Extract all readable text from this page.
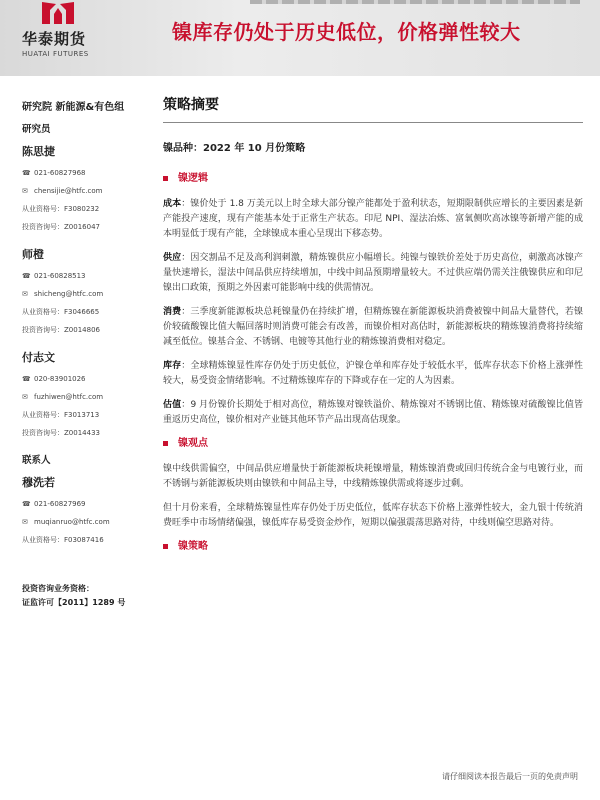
华泰期货
HUATAI FUTURES
镍库存仍处于历史低位，价格弹性较大
研究院 新能源&有色组
研究员
陈思捷
☎ 021-60827968
✉ chensijie@htfc.com
从业资格号：F3080232
投资咨询号：Z0016047
师橙
☎ 021-60828513
✉ shicheng@htfc.com
从业资格号：F3046665
投资咨询号：Z0014806
付志文
☎ 020-83901026
✉ fuzhiwen@htfc.com
从业资格号：F3013713
投资咨询号：Z0014433
联系人
穆洗若
☎ 021-60827969
✉ muqianruo@htfc.com
从业资格号：F03087416
投资咨询业务资格：
证监许可【2011】1289 号
策略摘要
镍品种：2022 年 10 月份策略
镍逻辑

成本：镍价处于 1.8 万美元以上时全球大部分镍产能都处于盈利状态，短期限制供应增长的主要因素是新产能投产速度，现有产能基本处于正常生产状态。印尼 NPI、湿法冶炼、富氧侧吹高冰镍等新增产能的成本明显低于现有产能，全球镍成本重心呈现出下移态势。

供应：因交割品不足及高利润刺激，精炼镍供应小幅增长。纯镍与镍铁价差处于历史高位，刺激高冰镍产量快速增长，湿法中间品供应持续增加，中线中间品预期增量较大。不过供应端仍需关注俄镍供应和印尼镍出口政策，预期之外因素可能影响中线的供需情况。

消费：三季度新能源板块总耗镍量仍在持续扩增，但精炼镍在新能源板块消费被镍中间品大量替代，若镍价较硫酸镍比值大幅回落时则消费可能会有改善，而镍价相对高估时，新能源板块的精炼镍消费将持续缩减至低位。镍基合金、不锈钢、电镀等其他行业的精炼镍消费相对稳定。

库存：全球精炼镍显性库存仍处于历史低位，沪镍仓单和库存处于较低水平，低库存状态下价格上涨弹性较大，易受资金情绪影响。不过精炼镍库存的下降或存在一定的人为因素。

估值：9 月份镍价长期处于相对高位，精炼镍对镍铁溢价、精炼镍对不锈钢比值、精炼镍对硫酸镍比值皆重返历史高位，镍价相对产业链其他环节产品出现高估现象。

镍观点

镍中线供需偏空，中间品供应增量快于新能源板块耗镍增量，精炼镍消费或回归传统合金与电镀行业，而不锈钢与新能源板块则由镍铁和中间品主导，中线精炼镍供需或将逐步过剩。

但十月份来看，全球精炼镍显性库存仍处于历史低位，低库存状态下价格上涨弹性较大，金九银十传统消费旺季中市场情绪偏强，镍低库存易受资金炒作，短期以偏强震荡思路对待，中线则偏空思路对待。

镍策略
请仔细阅读本报告最后一页的免责声明
